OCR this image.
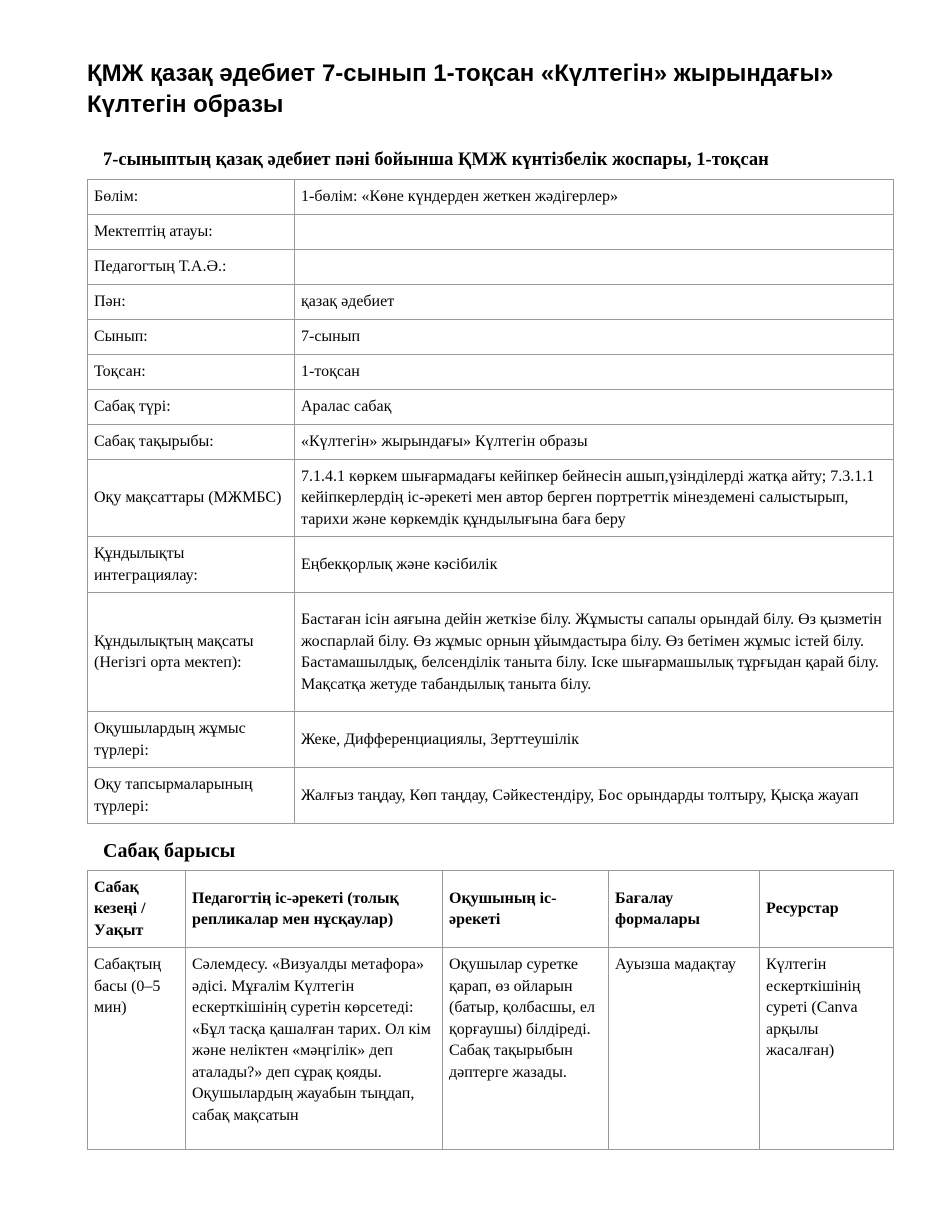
ҚМЖ қазақ әдебиет 7-сынып 1-тоқсан «Күлтегін» жырындағы» Күлтегін образы
7-сыныптың қазақ әдебиет пәні бойынша ҚМЖ күнтізбелік жоспары, 1-тоқсан
Бөлім:	1-бөлім: «Көне күндерден жеткен жәдігерлер»
Мектептің атауы:	
Педагогтың Т.А.Ә.:	
Пән:	қазақ әдебиет
Сынып:	7-сынып
Тоқсан:	1-тоқсан
Сабақ түрі:	Аралас сабақ
Сабақ тақырыбы:	«Күлтегін» жырындағы» Күлтегін образы
Оқу мақсаттары (МЖМБС)	7.1.4.1 көркем шығармадағы кейіпкер бейнесін ашып,үзінділерді жатқа айту; 7.3.1.1 кейіпкерлердің іс-әрекеті мен автор берген портреттік мінездемені салыстырып, тарихи және көркемдік құндылығына баға беру
Құндылықты интеграциялау:	Еңбекқорлық және кәсібилік
Құндылықтың мақсаты (Негізгі орта мектеп):	Бастаған ісін аяғына дейін жеткізе білу. Жұмысты сапалы орындай білу. Өз қызметін жоспарлай білу. Өз жұмыс орнын ұйымдастыра білу. Өз бетімен жұмыс істей білу. Бастамашылдық, белсенділік таныта білу. Іске шығармашылық тұрғыдан қарай білу. Мақсатқа жетуде табандылық таныта білу.
Оқушылардың жұмыс түрлері:	Жеке, Дифференциациялы, Зерттеушілік
Оқу тапсырмаларының түрлері:	Жалғыз таңдау, Көп таңдау, Сәйкестендіру, Бос орындарды толтыру, Қысқа жауап
Сабақ барысы
Сабақ кезеңі / Уақыт	Педагогтің іс-әрекеті (толық репликалар мен нұсқаулар)	Оқушының іс-әрекеті	Бағалау формалары	Ресурстар
Сабақтың басы (0–5 мин)	Сәлемдесу. «Визуалды метафора» әдісі. Мұғалім Күлтегін ескерткішінің суретін көрсетеді: «Бұл тасқа қашалған тарих. Ол кім және неліктен «мәңгілік» деп аталады?» деп сұрақ қояды. Оқушылардың жауабын тыңдап, сабақ мақсатын	Оқушылар суретке қарап, өз ойларын (батыр, қолбасшы, ел қорғаушы) білдіреді. Сабақ тақырыбын дәптерге жазады.	Ауызша мадақтау	Күлтегін ескерткішінің суреті (Canva арқылы жасалған)
